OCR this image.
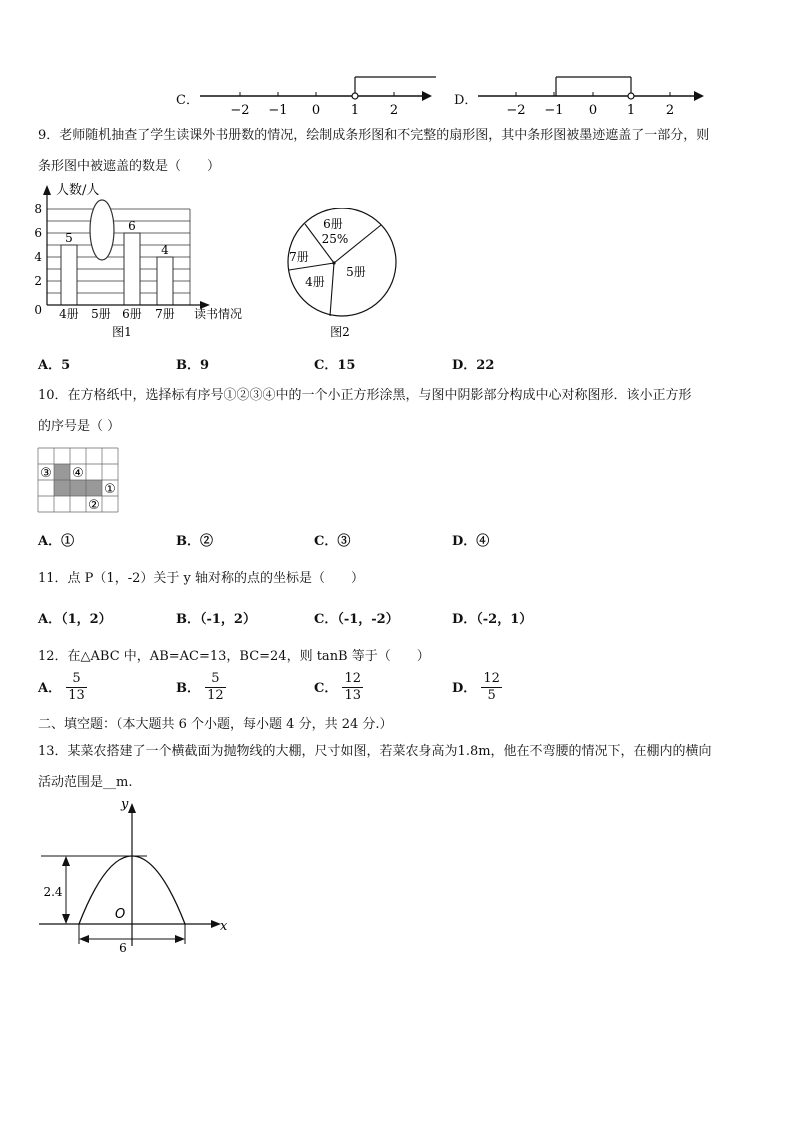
C．
−2 −1 0 1 2
D．
−2 −1 0 1 2
9．老师随机抽查了学生读课外书册数的情况，绘制成条形图和不完整的扇形图，其中条形图被墨迹遮盖了一部分，则
条形图中被遮盖的数是（　　）
人数/人
8
6
4
2
0
5
6
4
4册 5册 6册 7册 读书情况
图1
6册
25%
7册
4册
5册
图2
A．5	B．9	C．15	D．22
10．在方格纸中，选择标有序号①②③④中的一个小正方形涂黑，与图中阴影部分构成中心对称图形．该小正方形
的序号是（ ）
③ ④
①
②
A．①	B．②	C．③	D．④
11．点 P（1，-2）关于 y 轴对称的点的坐标是（　　）
A．（1，2）	B．（-1，2）	C．（-1，-2）	D．（-2，1）
12．在△ABC 中，AB=AC=13，BC=24，则 tanB 等于（　　）
A． $\frac{5}{13}$	B． $\frac{5}{12}$	C． $\frac{12}{13}$	D． $\frac{12}{5}$
二、填空题：（本大题共 6 个小题，每小题 4 分，共 24 分.）
13．某菜农搭建了一个横截面为抛物线的大棚，尺寸如图，若菜农身高为1.8m，他在不弯腰的情况下，在棚内的横向
活动范围是__m.
y
x
O
2.4
6
